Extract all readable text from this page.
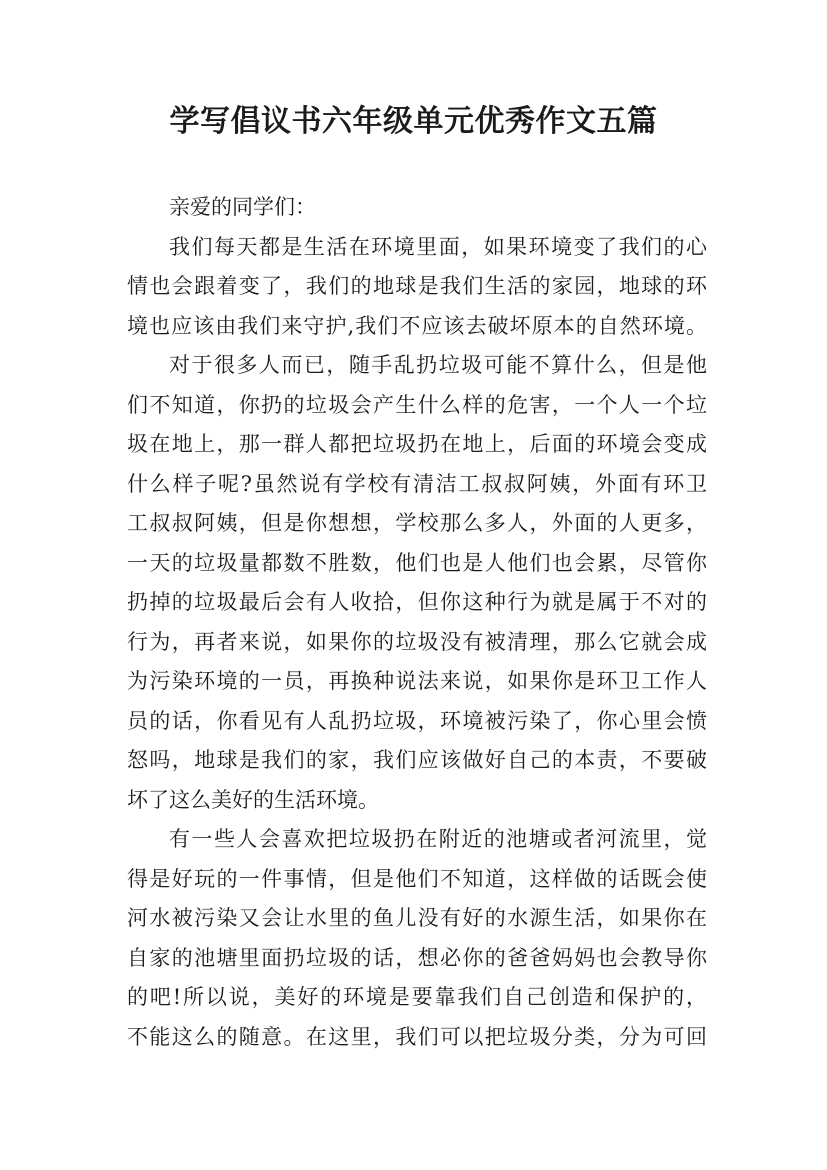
学写倡议书六年级单元优秀作文五篇
亲爱的同学们：
我们每天都是生活在环境里面，如果环境变了我们的心
情也会跟着变了，我们的地球是我们生活的家园，地球的环
境也应该由我们来守护,我们不应该去破坏原本的自然环境。
对于很多人而已，随手乱扔垃圾可能不算什么，但是他
们不知道，你扔的垃圾会产生什么样的危害，一个人一个垃
圾在地上，那一群人都把垃圾扔在地上，后面的环境会变成
什么样子呢?虽然说有学校有清洁工叔叔阿姨，外面有环卫
工叔叔阿姨，但是你想想，学校那么多人，外面的人更多，
一天的垃圾量都数不胜数，他们也是人他们也会累，尽管你
扔掉的垃圾最后会有人收拾，但你这种行为就是属于不对的
行为，再者来说，如果你的垃圾没有被清理，那么它就会成
为污染环境的一员，再换种说法来说，如果你是环卫工作人
员的话，你看见有人乱扔垃圾，环境被污染了，你心里会愤
怒吗，地球是我们的家，我们应该做好自己的本责，不要破
坏了这么美好的生活环境。
有一些人会喜欢把垃圾扔在附近的池塘或者河流里，觉
得是好玩的一件事情，但是他们不知道，这样做的话既会使
河水被污染又会让水里的鱼儿没有好的水源生活，如果你在
自家的池塘里面扔垃圾的话，想必你的爸爸妈妈也会教导你
的吧!所以说，美好的环境是要靠我们自己创造和保护的，
不能这么的随意。在这里，我们可以把垃圾分类，分为可回
